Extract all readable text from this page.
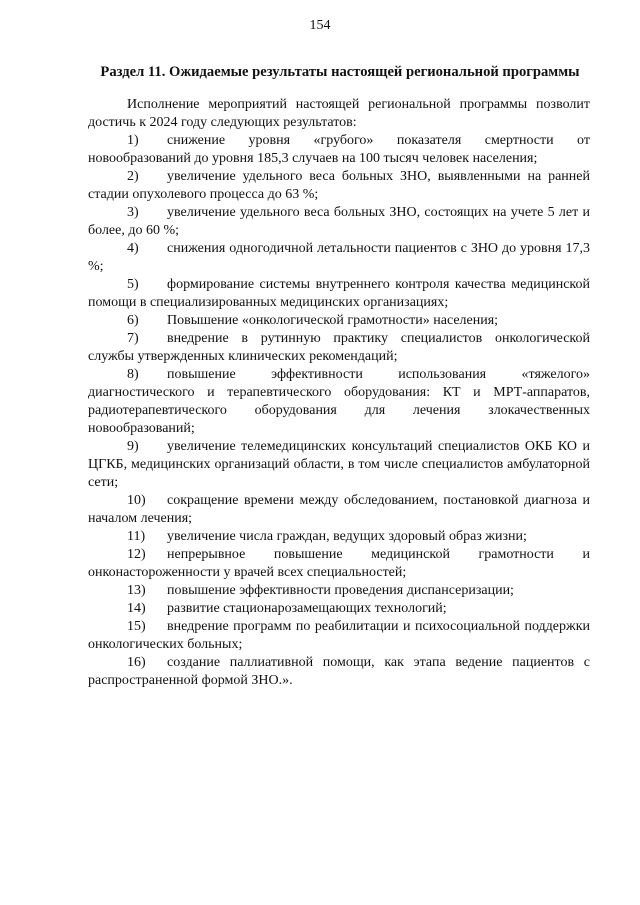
154
Раздел 11. Ожидаемые результаты настоящей региональной программы

Исполнение мероприятий настоящей региональной программы позволит достичь к 2024 году следующих результатов:

1) снижение уровня «грубого» показателя смертности от новообразований до уровня 185,3 случаев на 100 тысяч человек населения;

2) увеличение удельного веса больных ЗНО, выявленными на ранней стадии опухолевого процесса до 63 %;

3) увеличение удельного веса больных ЗНО, состоящих на учете 5 лет и более, до 60 %;

4) снижения одногодичной летальности пациентов с ЗНО до уровня 17,3 %;

5) формирование системы внутреннего контроля качества медицинской помощи в специализированных медицинских организациях;

6) Повышение «онкологической грамотности» населения;

7) внедрение в рутинную практику специалистов онкологической службы утвержденных клинических рекомендаций;

8) повышение эффективности использования «тяжелого» диагностического и терапевтического оборудования: КТ и МРТ-аппаратов, радиотерапевтического оборудования для лечения злокачественных новообразований;

9) увеличение телемедицинских консультаций специалистов ОКБ КО и ЦГКБ, медицинских организаций области, в том числе специалистов амбулаторной сети;

10) сокращение времени между обследованием, постановкой диагноза и началом лечения;

11) увеличение числа граждан, ведущих здоровый образ жизни;

12) непрерывное повышение медицинской грамотности и онконастороженности у врачей всех специальностей;

13) повышение эффективности проведения диспансеризации;

14) развитие стационарозамещающих технологий;

15) внедрение программ по реабилитации и психосоциальной поддержки онкологических больных;

16) создание паллиативной помощи, как этапа ведение пациентов с распространенной формой ЗНО.».
